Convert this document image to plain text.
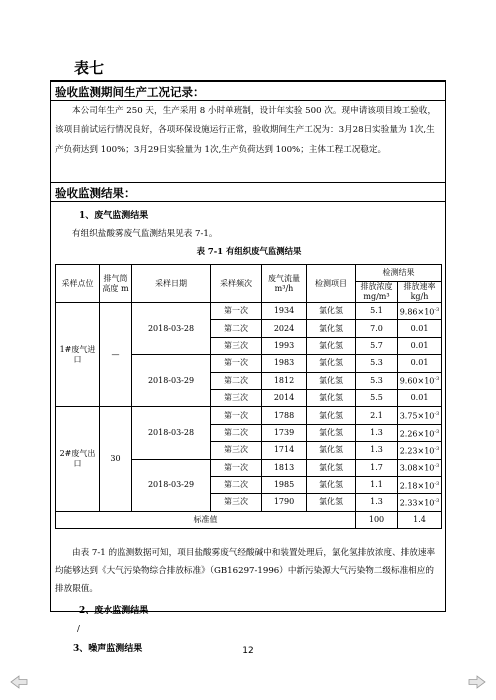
表七
验收监测期间生产工况记录：
本公司年生产 250 天，生产采用 8 小时单班制，设计年实验 500 次。现申请该项目竣工验收，该项目前试运行情况良好，各项环保设施运行正常，验收期间生产工况为：3月28日实验量为 1次,生产负荷达到 100%；3月29日实验量为 1次,生产负荷达到 100%；主体工程工况稳定。
验收监测结果：
1、废气监测结果
有组织盐酸雾废气监测结果见表 7-1。
表 7-1 有组织废气监测结果
采样点位	排气筒高度 m	采样日期	采样频次	废气流量 m³/h	检测项目	检测结果	
						排放浓度 mg/m³	排放速率 kg/h
1#废气进口	—	2018-03-28	第一次	1934	氯化氢	5.1	$9.86\times 10^{-3}$
			第二次	2024	氯化氢	7.0	0.01
			第三次	1993	氯化氢	5.7	0.01
		2018-03-29	第一次	1983	氯化氢	5.3	0.01
			第二次	1812	氯化氢	5.3	$9.60\times 10^{-3}$
			第三次	2014	氯化氢	5.5	0.01
2#废气出口	30	2018-03-28	第一次	1788	氯化氢	2.1	$3.75\times 10^{-3}$
			第二次	1739	氯化氢	1.3	$2.26\times 10^{-3}$
			第三次	1714	氯化氢	1.3	$2.23\times 10^{-3}$
		2018-03-29	第一次	1813	氯化氢	1.7	$3.08\times 10^{-3}$
			第二次	1985	氯化氢	1.1	$2.18\times 10^{-3}$
			第三次	1790	氯化氢	1.3	$2.33\times 10^{-3}$
标准值						100	1.4
由表 7-1 的监测数据可知，项目盐酸雾废气经酸碱中和装置处理后，氯化氢排放浓度、排放速率均能够达到《大气污染物综合排放标准》（GB16297-1996）中新污染源大气污染物二级标准相应的排放限值。
2、废水监测结果
/
3、噪声监测结果	12
